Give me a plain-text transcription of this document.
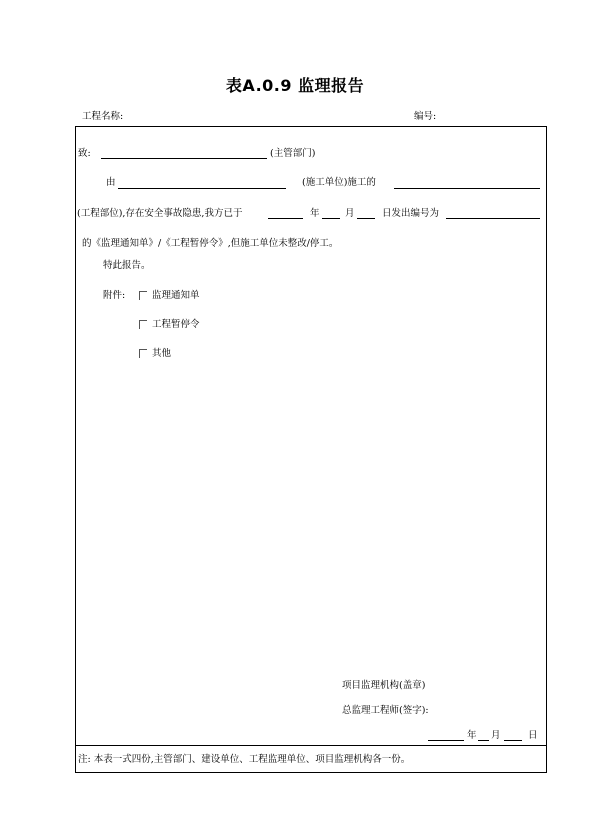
表A.0.9 监理报告
工程名称:	编号:
致:	(主管部门)
由	(施工单位)施工的
(工程部位),存在安全事故隐患,我方已于	年	月	日发出编号为
的《监理通知单》/《工程暂停令》,但施工单位未整改/停工。
特此报告。
附件:	监理通知单
工程暂停令
其他
项目监理机构(盖章)
总监理工程师(签字):
年 月	日
注: 本表一式四份,主管部门、建设单位、工程监理单位、项目监理机构各一份。
